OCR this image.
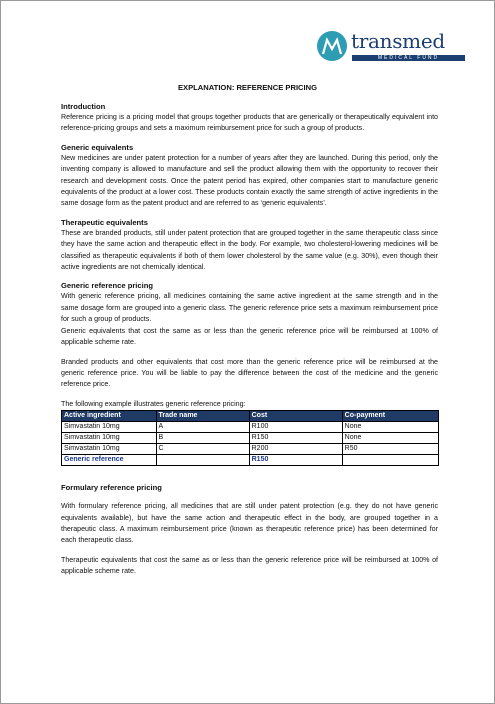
transmed
MEDICAL FUND
EXPLANATION: REFERENCE PRICING

Introduction

Reference pricing is a pricing model that groups together products that are generically or therapeutically equivalent into reference-pricing groups and sets a maximum reimbursement price for such a group of products.

Generic equivalents

New medicines are under patent protection for a number of years after they are launched. During this period, only the inventing company is allowed to manufacture and sell the product allowing them with the opportunity to recover their research and development costs. Once the patent period has expired, other companies start to manufacture generic equivalents of the product at a lower cost. These products contain exactly the same strength of active ingredients in the same dosage form as the patent product and are referred to as ‘generic equivalents’.

Therapeutic equivalents

These are branded products, still under patent protection that are grouped together in the same therapeutic class since they have the same action and therapeutic effect in the body. For example, two cholesterol-lowering medicines will be classified as therapeutic equivalents if both of them lower cholesterol by the same value (e.g. 30%), even though their active ingredients are not chemically identical.

Generic reference pricing

With generic reference pricing, all medicines containing the same active ingredient at the same strength and in the same dosage form are grouped into a generic class. The generic reference price sets a maximum reimbursement price for such a group of products.

Generic equivalents that cost the same as or less than the generic reference price will be reimbursed at 100% of applicable scheme rate.

Branded products and other equivalents that cost more than the generic reference price will be reimbursed at the generic reference price. You will be liable to pay the difference between the cost of the medicine and the generic reference price.

The following example illustrates generic reference pricing:

Active ingredient	Trade name	Cost	Co-payment
Simvastatin 10mg	A	R100	None
Simvastatin 10mg	B	R150	None
Simvastatin 10mg	C	R200	R50
Generic reference		R150	

Formulary reference pricing

With formulary reference pricing, all medicines that are still under patent protection (e.g. they do not have generic equivalents available), but have the same action and therapeutic effect in the body, are grouped together in a therapeutic class. A maximum reimbursement price (known as therapeutic reference price) has been determined for each therapeutic class.

Therapeutic equivalents that cost the same as or less than the generic reference price will be reimbursed at 100% of applicable scheme rate.
